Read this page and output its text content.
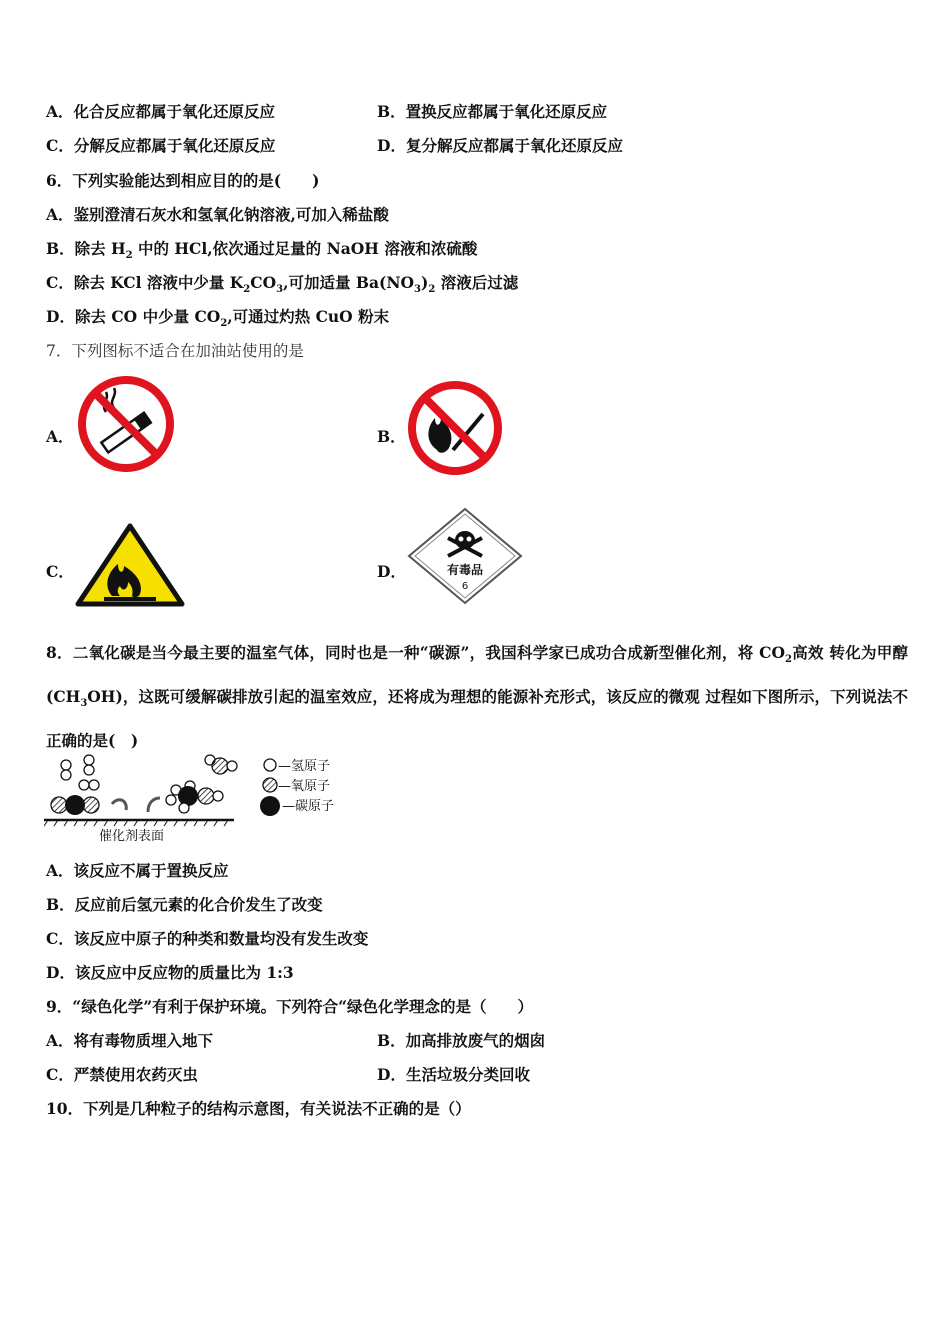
A．化合反应都属于氧化还原反应	B．置换反应都属于氧化还原反应
C．分解反应都属于氧化还原反应	D．复分解反应都属于氧化还原反应
6．下列实验能达到相应目的的是(　　)
A．鉴别澄清石灰水和氢氧化钠溶液,可加入稀盐酸
B．除去 $H_2$ 中的 HCl,依次通过足量的 NaOH 溶液和浓硫酸
C．除去 KCl 溶液中少量 $K_2CO_3$,可加适量 $Ba(NO_3)_2$ 溶液后过滤
D．除去 CO 中少量 $CO_2$,可通过灼热 CuO 粉末
7．下列图标不适合在加油站使用的是
A．	B．
C．	D．	有毒品
6
8．二氧化碳是当今最主要的温室气体，同时也是一种“碳源”，我国科学家已成功合成新型催化剂，将 $CO_2$高效 转化为甲醇$(CH_3OH)$，这既可缓解碳排放引起的温室效应，还将成为理想的能源补充形式，该反应的微观 过程如下图所示，下列说法不正确的是(　)
催化剂表面
—氢原子
—氧原子
—碳原子
A．该反应不属于置换反应
B．反应前后氢元素的化合价发生了改变
C．该反应中原子的种类和数量均没有发生改变
D．该反应中反应物的质量比为 1:3
9．“绿色化学”有利于保护环境。下列符合“绿色化学理念的是（　　）
A．将有毒物质埋入地下	B．加高排放废气的烟囱
C．严禁使用农药灭虫	D．生活垃圾分类回收
10．下列是几种粒子的结构示意图，有关说法不正确的是（）
